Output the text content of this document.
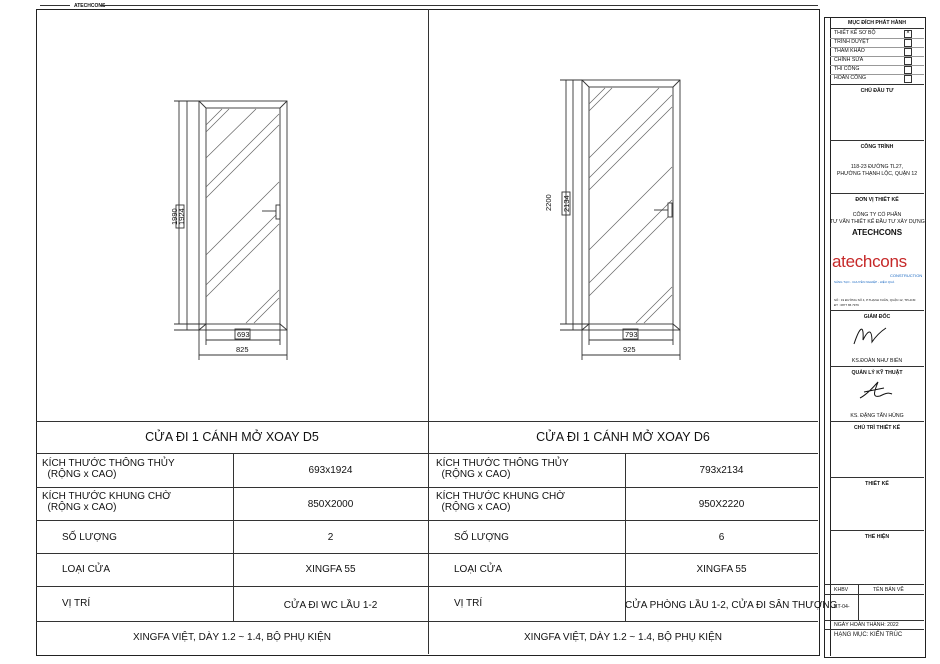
ATECHCONS
1990
1924
693
825
2200 2134
793
925
CỬA ĐI 1 CÁNH MỞ XOAY D5
KÍCH THƯỚC THÔNG THỦY
(RỘNG x CAO)	693x1924
KÍCH THƯỚC KHUNG CHỜ
(RỘNG x CAO)	850X2000
SỐ LƯỢNG	2
LOẠI CỬA	XINGFA 55
VỊ TRÍ	CỬA ĐI WC LẦU 1-2
XINGFA VIỆT, DÀY 1.2 ~ 1.4, BỘ PHỤ KIỆN
CỬA ĐI 1 CÁNH MỞ XOAY D6
KÍCH THƯỚC THÔNG THỦY
(RỘNG x CAO)	793x2134
KÍCH THƯỚC KHUNG CHỜ
(RỘNG x CAO)	950X2220
SỐ LƯỢNG	6
LOẠI CỬA	XINGFA 55
VỊ TRÍ	CỬA PHÒNG LẦU 1-2, CỬA ĐI SÂN THƯỢNG
XINGFA VIỆT, DÀY 1.2 ~ 1.4, BỘ PHỤ KIỆN
MỤC ĐÍCH PHÁT HÀNH
THIẾT KẾ SƠ BỘ	×
TRÌNH DUYỆT
THAM KHẢO
CHỈNH SỬA
THI CÔNG
HOÀN CÔNG
CHỦ ĐẦU TƯ
CÔNG TRÌNH
118-23 ĐƯỜNG TL27,
PHƯỜNG THẠNH LỘC, QUẬN 12
ĐƠN VỊ THIẾT KẾ
CÔNG TY CỔ PHẦN
TƯ VẤN THIẾT KẾ ĐẦU TƯ XÂY DỰNG
ATECHCONS
atechcons
CONSTRUCTION
SÁNG TẠO - CHUYÊN NGHIỆP - HIỆU QUẢ
SỐ : 19 ĐƯỜNG SỐ 4, P.THẠNH XUÂN, QUẬN 12, TP.HCM
ĐT : 0877 86 7979
GIÁM ĐỐC
KS.ĐOÀN NHƯ BIỂN
QUẢN LÝ KỸ THUẬT
KS. ĐẶNG TẤN HÙNG
CHỦ TRÌ THIẾT KẾ
THIẾT KẾ
THỂ HIỆN
KHBV	TÊN BẢN VẼ
KT-04-
NGÀY HOÀN THÀNH: 2022
HẠNG MỤC: KIẾN TRÚC
